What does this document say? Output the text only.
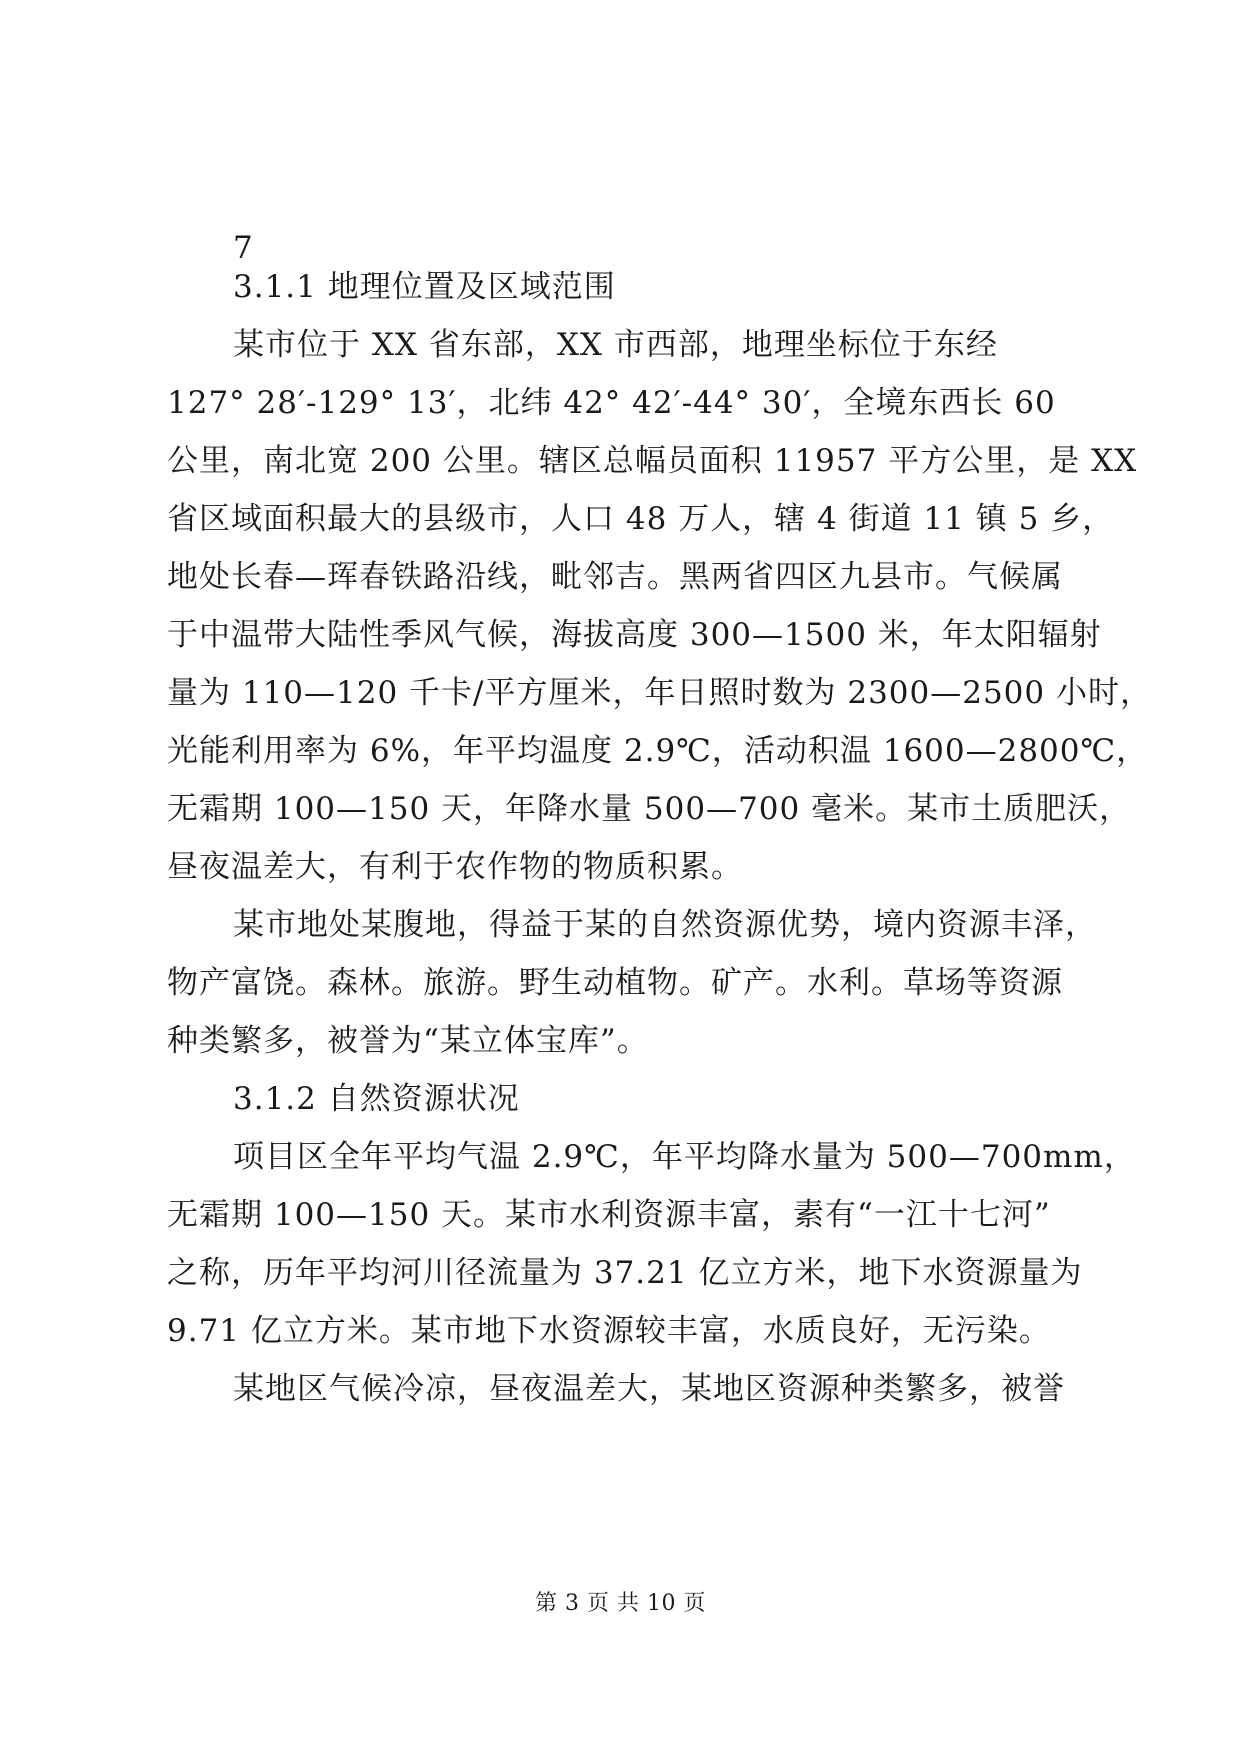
7
3.1.1 地理位置及区域范围
某市位于 XX 省东部，XX 市西部，地理坐标位于东经
127° 28′-129° 13′，北纬 42° 42′-44° 30′，全境东西长 60
公里，南北宽 200 公里。辖区总幅员面积 11957 平方公里，是 XX
省区域面积最大的县级市，人口 48 万人，辖 4 街道 11 镇 5 乡，
地处长春—珲春铁路沿线，毗邻吉。黑两省四区九县市。气候属
于中温带大陆性季风气候，海拔高度 300—1500 米，年太阳辐射
量为 110—120 千卡/平方厘米，年日照时数为 2300—2500 小时，
光能利用率为 6%，年平均温度 2.9℃，活动积温 1600—2800℃，
无霜期 100—150 天，年降水量 500—700 毫米。某市土质肥沃，
昼夜温差大，有利于农作物的物质积累。
某市地处某腹地，得益于某的自然资源优势，境内资源丰泽，
物产富饶。森林。旅游。野生动植物。矿产。水利。草场等资源
种类繁多，被誉为“某立体宝库”。
3.1.2 自然资源状况
项目区全年平均气温 2.9℃，年平均降水量为 500—700mm，
无霜期 100—150 天。某市水利资源丰富，素有“一江十七河”
之称，历年平均河川径流量为 37.21 亿立方米，地下水资源量为
9.71 亿立方米。某市地下水资源较丰富，水质良好，无污染。
某地区气候冷凉，昼夜温差大，某地区资源种类繁多，被誉
第 3 页 共 10 页
